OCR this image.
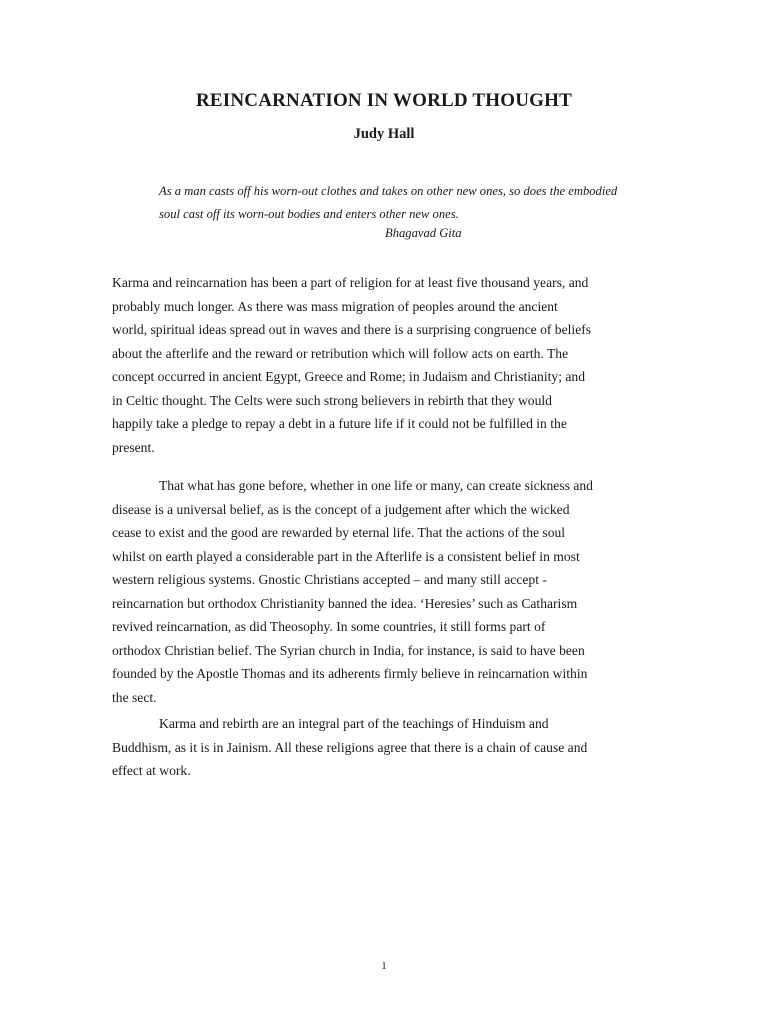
REINCARNATION IN WORLD THOUGHT
Judy Hall
As a man casts off his worn-out clothes and takes on other new ones, so does the embodied
soul cast off its worn-out bodies and enters other new ones.
Bhagavad Gita
Karma and reincarnation has been a part of religion for at least five thousand years, and
probably much longer. As there was mass migration of peoples around the ancient
world, spiritual ideas spread out in waves and there is a surprising congruence of beliefs
about the afterlife and the reward or retribution which will follow acts on earth. The
concept occurred in ancient Egypt, Greece and Rome; in Judaism and Christianity; and
in Celtic thought. The Celts were such strong believers in rebirth that they would
happily take a pledge to repay a debt in a future life if it could not be fulfilled in the
present.
That what has gone before, whether in one life or many, can create sickness and
disease is a universal belief, as is the concept of a judgement after which the wicked
cease to exist and the good are rewarded by eternal life. That the actions of the soul
whilst on earth played a considerable part in the Afterlife is a consistent belief in most
western religious systems. Gnostic Christians accepted – and many still accept -
reincarnation but orthodox Christianity banned the idea. ‘Heresies’ such as Catharism
revived reincarnation, as did Theosophy. In some countries, it still forms part of
orthodox Christian belief. The Syrian church in India, for instance, is said to have been
founded by the Apostle Thomas and its adherents firmly believe in reincarnation within
the sect.
Karma and rebirth are an integral part of the teachings of Hinduism and
Buddhism, as it is in Jainism. All these religions agree that there is a chain of cause and
effect at work.
1
